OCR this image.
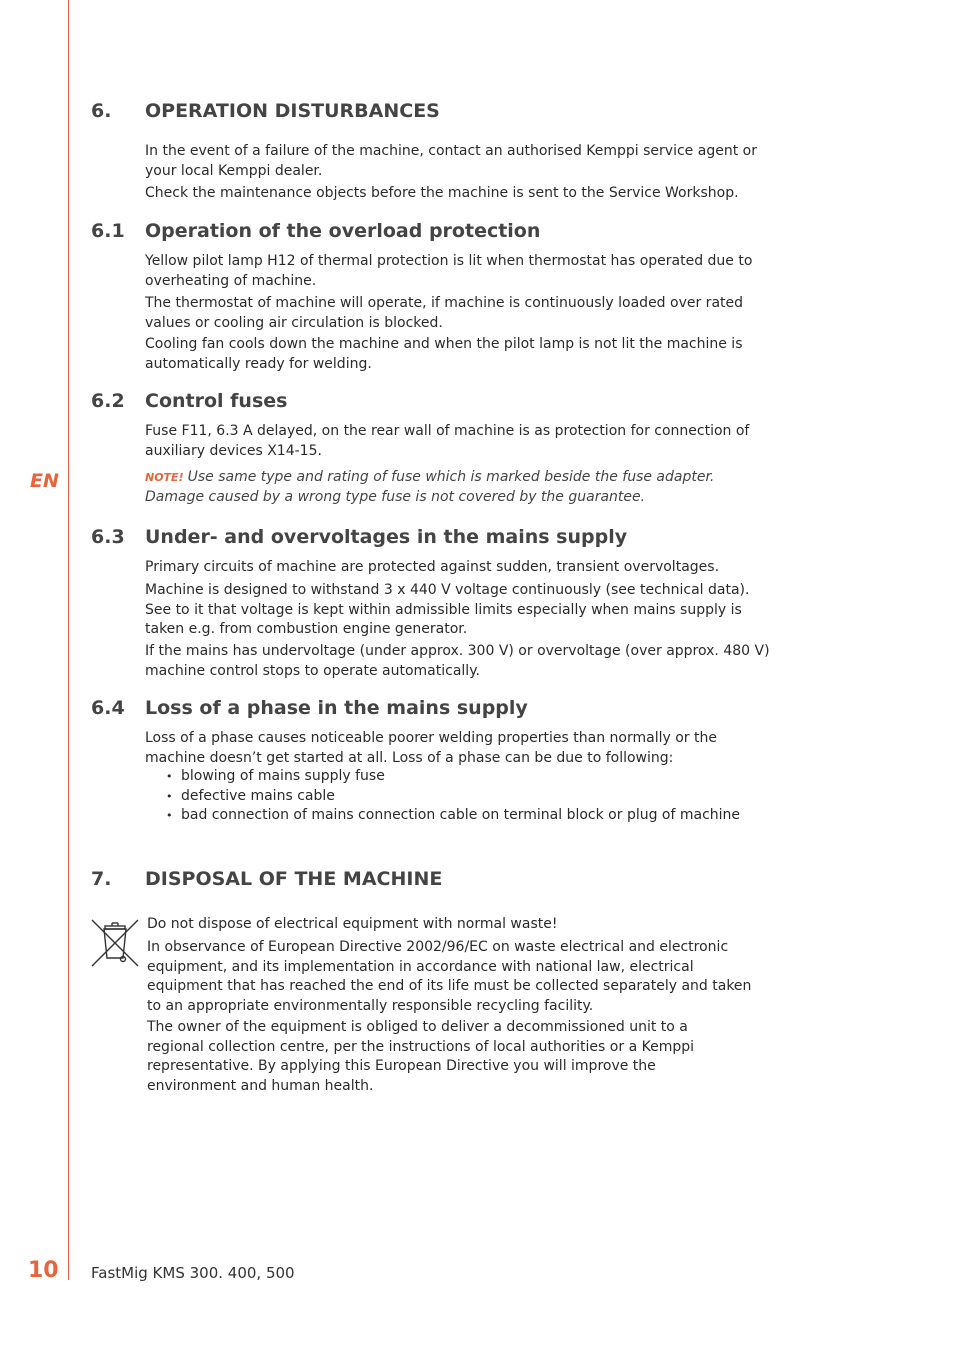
EN
6. OPERATION DISTURBANCES

In the event of a failure of the machine, contact an authorised Kemppi service agent or your local Kemppi dealer.

Check the maintenance objects before the machine is sent to the Service Workshop.

6.1 Operation of the overload protection

Yellow pilot lamp H12 of thermal protection is lit when thermostat has operated due to overheating of machine.

The thermostat of machine will operate, if machine is continuously loaded over rated values or cooling air circulation is blocked.

Cooling fan cools down the machine and when the pilot lamp is not lit the machine is automatically ready for welding.

6.2 Control fuses

Fuse F11, 6.3 A delayed, on the rear wall of machine is as protection for connection of auxiliary devices X14-15.

NOTE! Use same type and rating of fuse which is marked beside the fuse adapter. Damage caused by a wrong type fuse is not covered by the guarantee.

6.3 Under- and overvoltages in the mains supply

Primary circuits of machine are protected against sudden, transient overvoltages.

Machine is designed to withstand 3 x 440 V voltage continuously (see technical data). See to it that voltage is kept within admissible limits especially when mains supply is taken e.g. from combustion engine generator.

If the mains has undervoltage (under approx. 300 V) or overvoltage (over approx. 480 V) machine control stops to operate automatically.

6.4 Loss of a phase in the mains supply

Loss of a phase causes noticeable poorer welding properties than normally or the machine doesn’t get started at all. Loss of a phase can be due to following:

• blowing of mains supply fuse
• defective mains cable
• bad connection of mains connection cable on terminal block or plug of machine
7. DISPOSAL OF THE MACHINE

Do not dispose of electrical equipment with normal waste!

In observance of European Directive 2002/96/EC on waste electrical and electronic equipment, and its implementation in accordance with national law, electrical equipment that has reached the end of its life must be collected separately and taken to an appropriate environmentally responsible recycling facility.

The owner of the equipment is obliged to deliver a decommissioned unit to a regional collection centre, per the instructions of local authorities or a Kemppi representative. By applying this European Directive you will improve the environment and human health.

10 FastMig KMS 300. 400, 500
